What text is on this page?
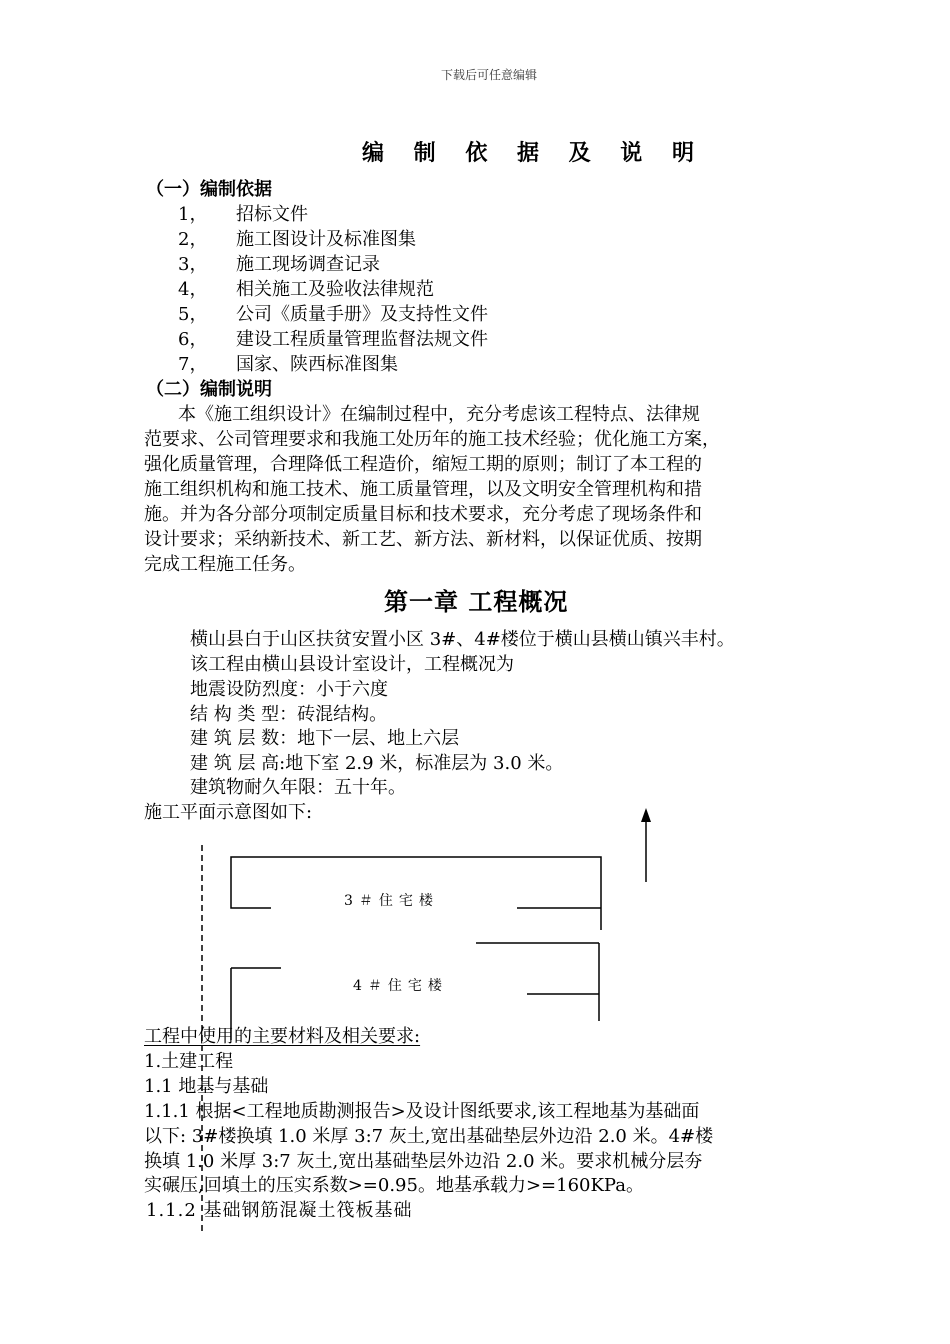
下载后可任意编辑
编 制 依 据 及 说 明
（一）编制依据
1， 招标文件
2， 施工图设计及标准图集
3， 施工现场调查记录
4， 相关施工及验收法律规范
5， 公司《质量手册》及支持性文件
6， 建设工程质量管理监督法规文件
7， 国家、陕西标准图集
（二）编制说明
本《施工组织设计》在编制过程中，充分考虑该工程特点、法律规
范要求、公司管理要求和我施工处历年的施工技术经验；优化施工方案，
强化质量管理，合理降低工程造价，缩短工期的原则；制订了本工程的
施工组织机构和施工技术、施工质量管理，以及文明安全管理机构和措
施。并为各分部分项制定质量目标和技术要求，充分考虑了现场条件和
设计要求；采纳新技术、新工艺、新方法、新材料，以保证优质、按期
完成工程施工任务。
第一章 工程概况
横山县白于山区扶贫安置小区 3#、4#楼位于横山县横山镇兴丰村。
该工程由横山县设计室设计，工程概况为
地震设防烈度：小于六度
结 构 类 型：砖混结构。
建 筑 层 数：地下一层、地上六层
建 筑 层 高:地下室 2.9 米，标准层为 3.0 米。
建筑物耐久年限：五十年。
施工平面示意图如下:
3＃住宅楼
4＃住宅楼
工程中使用的主要材料及相关要求:
1.土建工程
1.1 地基与基础
1.1.1 根据<工程地质勘测报告>及设计图纸要求,该工程地基为基础面
以下: 3#楼换填 1.0 米厚 3:7 灰土,宽出基础垫层外边沿 2.0 米。4#楼
换填 1.0 米厚 3:7 灰土,宽出基础垫层外边沿 2.0 米。要求机械分层夯
实碾压,回填土的压实系数>=0.95。地基承载力>=160KPa。
1.1.2 基础钢筋混凝土筏板基础
